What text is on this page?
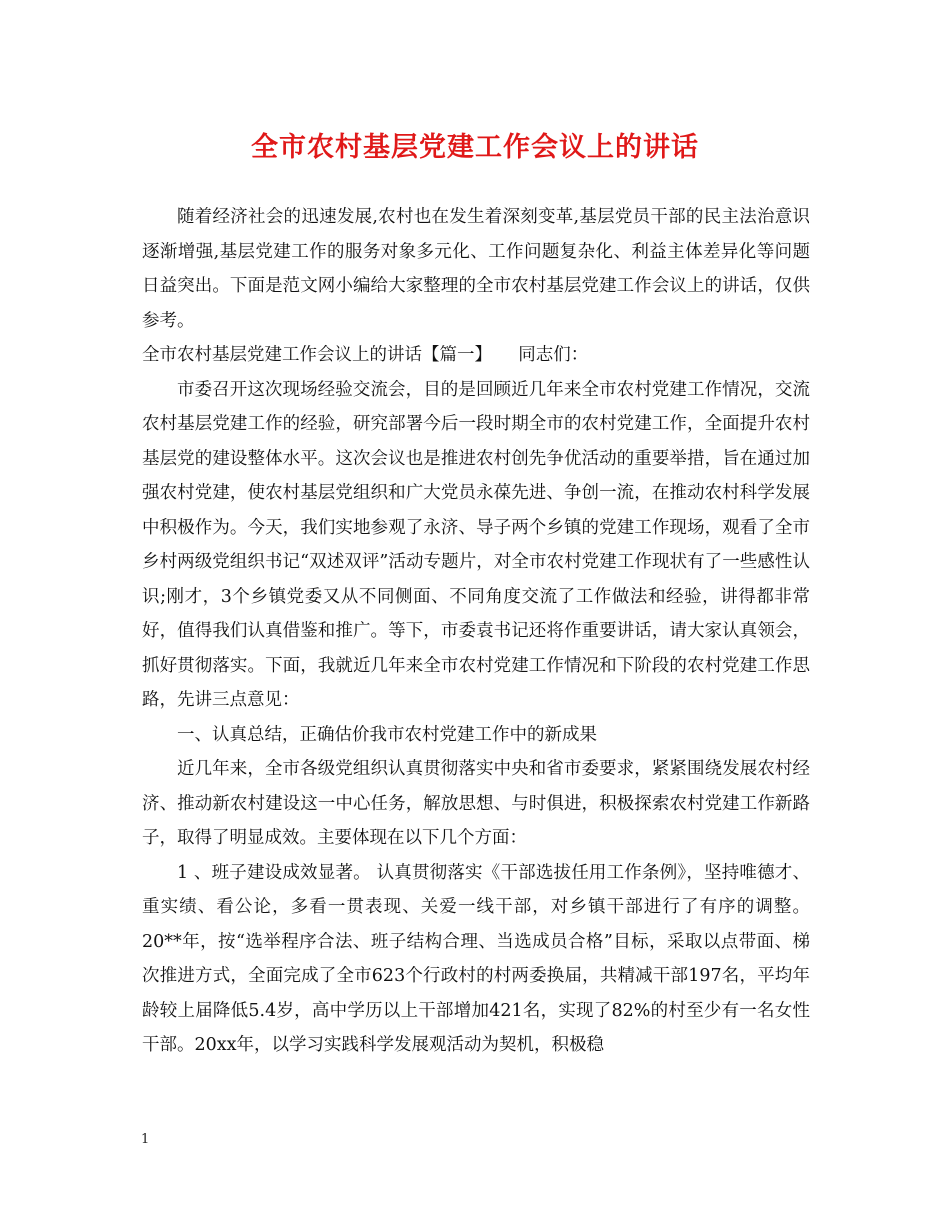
全市农村基层党建工作会议上的讲话

随着经济社会的迅速发展,农村也在发生着深刻变革,基层党员干部的民主法治意识逐渐增强,基层党建工作的服务对象多元化、工作问题复杂化、利益主体差异化等问题日益突出。下面是范文网小编给大家整理的全市农村基层党建工作会议上的讲话，仅供参考。

全市农村基层党建工作会议上的讲话【篇一】　　同志们：

市委召开这次现场经验交流会，目的是回顾近几年来全市农村党建工作情况，交流农村基层党建工作的经验，研究部署今后一段时期全市的农村党建工作，全面提升农村基层党的建设整体水平。这次会议也是推进农村创先争优活动的重要举措，旨在通过加强农村党建，使农村基层党组织和广大党员永葆先进、争创一流，在推动农村科学发展中积极作为。今天，我们实地参观了永济、导子两个乡镇的党建工作现场，观看了全市乡村两级党组织书记“双述双评”活动专题片，对全市农村党建工作现状有了一些感性认识;刚才，3个乡镇党委又从不同侧面、不同角度交流了工作做法和经验，讲得都非常好，值得我们认真借鉴和推广。等下，市委袁书记还将作重要讲话，请大家认真领会，抓好贯彻落实。下面，我就近几年来全市农村党建工作情况和下阶段的农村党建工作思路，先讲三点意见：

一、认真总结，正确估价我市农村党建工作中的新成果

近几年来，全市各级党组织认真贯彻落实中央和省市委要求，紧紧围绕发展农村经济、推动新农村建设这一中心任务，解放思想、与时俱进，积极探索农村党建工作新路子，取得了明显成效。主要体现在以下几个方面：

1 、班子建设成效显著。 认真贯彻落实《干部选拔任用工作条例》，坚持唯德才、重实绩、看公论，多看一贯表现、关爱一线干部，对乡镇干部进行了有序的调整。20**年，按“选举程序合法、班子结构合理、当选成员合格”目标，采取以点带面、梯次推进方式，全面完成了全市623个行政村的村两委换届，共精减干部197名，平均年龄较上届降低5.4岁，高中学历以上干部增加421名，实现了82%的村至少有一名女性干部。20xx年，以学习实践科学发展观活动为契机，积极稳

1
